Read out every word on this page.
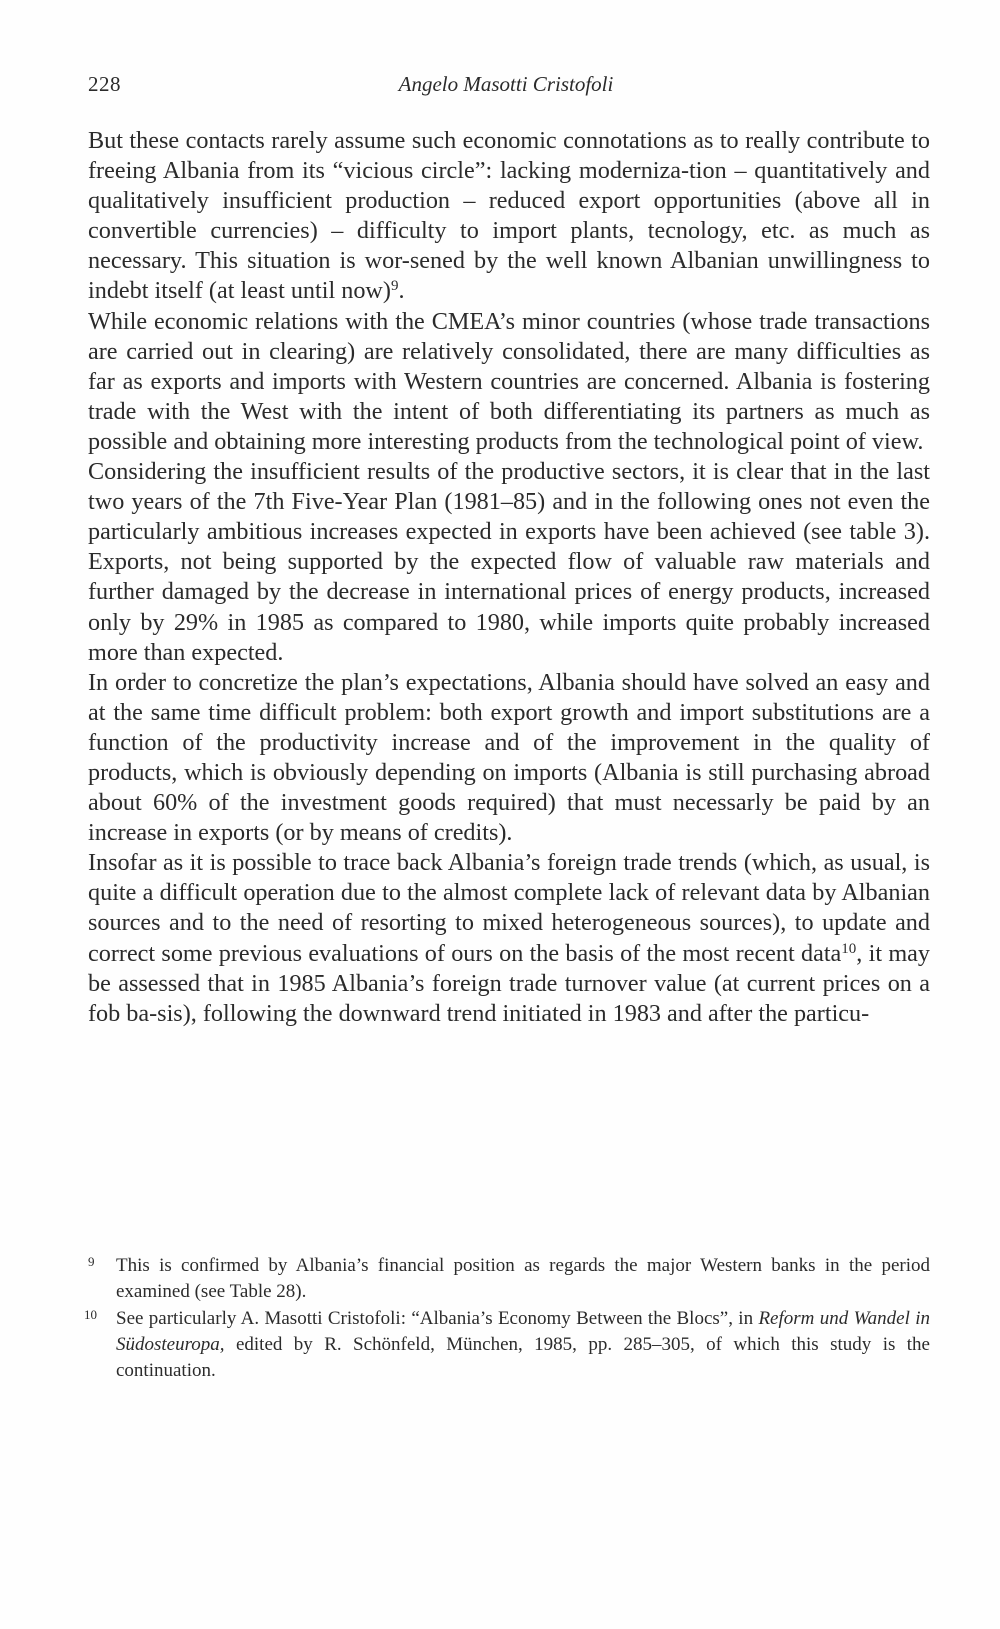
228	Angelo Masotti Cristofoli

But these contacts rarely assume such economic connotations as to really contribute to freeing Albania from its “vicious circle”: lacking moderniza-tion – quantitatively and qualitatively insufficient production – reduced export opportunities (above all in convertible currencies) – difficulty to import plants, tecnology, etc. as much as necessary. This situation is wor-sened by the well known Albanian unwillingness to indebt itself (at least until now)$^9$.

While economic relations with the CMEA’s minor countries (whose trade transactions are carried out in clearing) are relatively consolidated, there are many difficulties as far as exports and imports with Western countries are concerned. Albania is fostering trade with the West with the intent of both differentiating its partners as much as possible and obtaining more interesting products from the technological point of view.

Considering the insufficient results of the productive sectors, it is clear that in the last two years of the 7th Five-Year Plan (1981–85) and in the following ones not even the particularly ambitious increases expected in exports have been achieved (see table 3). Exports, not being supported by the expected flow of valuable raw materials and further damaged by the decrease in international prices of energy products, increased only by 29% in 1985 as compared to 1980, while imports quite probably increased more than expected.

In order to concretize the plan’s expectations, Albania should have solved an easy and at the same time difficult problem: both export growth and import substitutions are a function of the productivity increase and of the improvement in the quality of products, which is obviously depending on imports (Albania is still purchasing abroad about 60% of the investment goods required) that must necessarly be paid by an increase in exports (or by means of credits).

Insofar as it is possible to trace back Albania’s foreign trade trends (which, as usual, is quite a difficult operation due to the almost complete lack of relevant data by Albanian sources and to the need of resorting to mixed heterogeneous sources), to update and correct some previous evaluations of ours on the basis of the most recent data$^{10}$, it may be assessed that in 1985 Albania’s foreign trade turnover value (at current prices on a fob ba-sis), following the downward trend initiated in 1983 and after the particu-

9 This is confirmed by Albania’s financial position as regards the major Western banks in the period examined (see Table 28).
10 See particularly A. Masotti Cristofoli: “Albania’s Economy Between the Blocs”, in Reform und Wandel in Südosteuropa, edited by R. Schönfeld, München, 1985, pp. 285–305, of which this study is the continuation.
